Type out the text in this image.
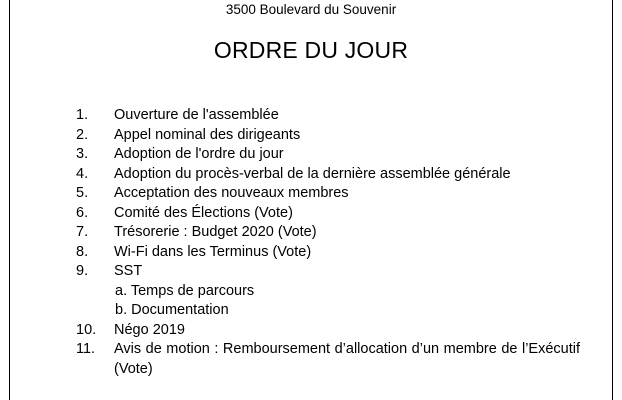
3500 Boulevard du Souvenir
ORDRE DU JOUR
1. Ouverture de l'assemblée
2. Appel nominal des dirigeants
3. Adoption de l'ordre du jour
4. Adoption du procès-verbal de la dernière assemblée générale
5. Acceptation des nouveaux membres
6. Comité des Élections (Vote)
7. Trésorerie : Budget 2020 (Vote)
8. Wi-Fi dans les Terminus (Vote)
9. SST
a. Temps de parcours
b. Documentation
10. Négo 2019
11. Avis de motion : Remboursement d’allocation d’un membre de l’Exécutif (Vote)
